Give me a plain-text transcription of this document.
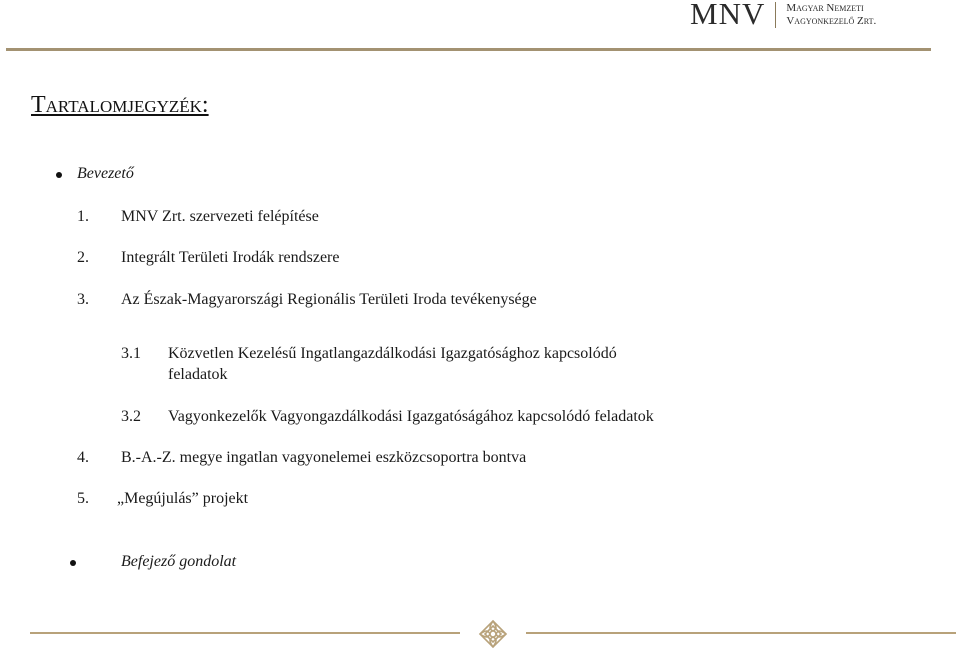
MNV Magyar Nemzeti
Vagyonkezelő Zrt.
Tartalomjegyzék:
Bevezető
1. MNV Zrt. szervezeti felépítése
2. Integrált Területi Irodák rendszere
3. Az Észak-Magyarországi Regionális Területi Iroda tevékenysége
3.1 Közvetlen Kezelésű Ingatlangazdálkodási Igazgatósághoz kapcsolódó
feladatok
3.2 Vagyonkezelők Vagyongazdálkodási Igazgatóságához kapcsolódó feladatok
4. B.-A.-Z. megye ingatlan vagyonelemei eszközcsoportra bontva
5. „Megújulás” projekt
Befejező gondolat
